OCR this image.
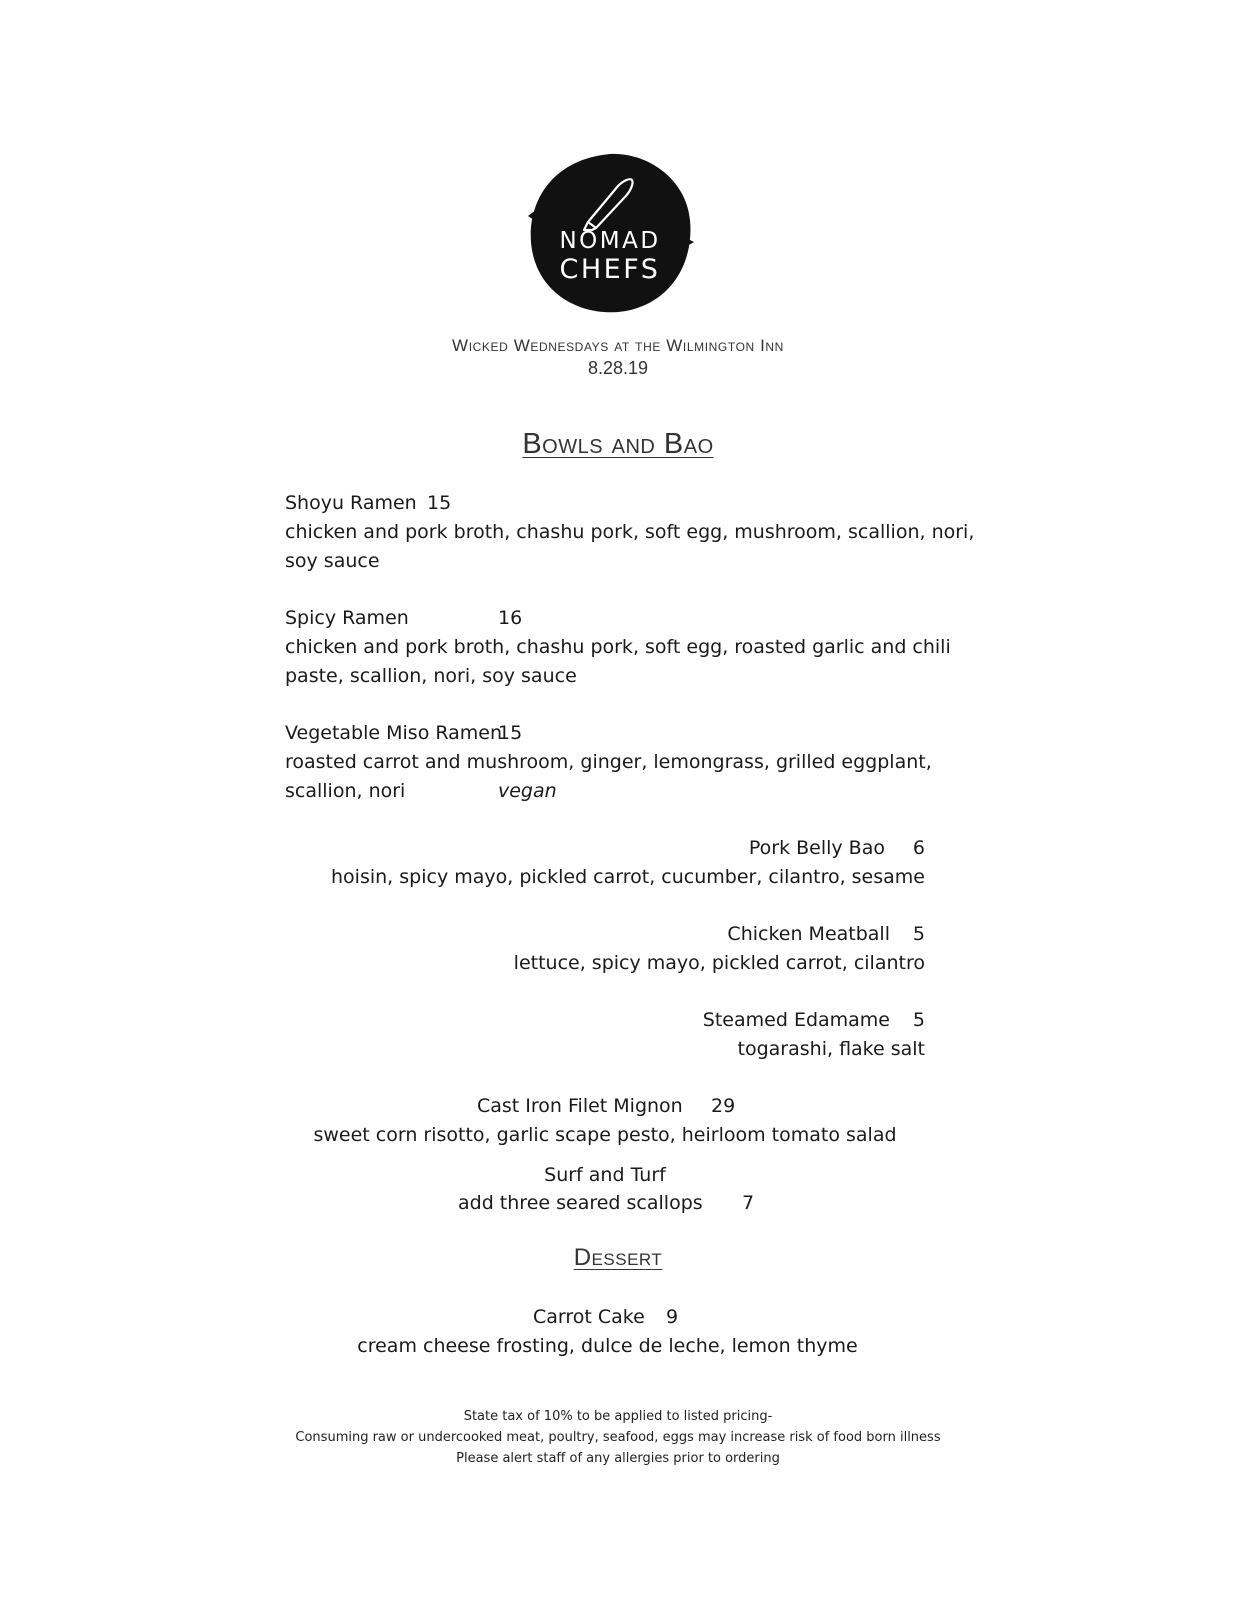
NOMAD
CHEFS
Wicked Wednesdays at the Wilmington Inn
8.28.19
Bowls and Bao
Shoyu Ramen 15
chicken and pork broth, chashu pork, soft egg, mushroom, scallion, nori,
soy sauce
Spicy Ramen	16
chicken and pork broth, chashu pork, soft egg, roasted garlic and chili
paste, scallion, nori, soy sauce
Vegetable Miso Ramen
15
roasted carrot and mushroom, ginger, lemongrass, grilled eggplant,
scallion, nori	vegan
Pork Belly Bao 6
hoisin, spicy mayo, pickled carrot, cucumber, cilantro, sesame
Chicken Meatball 5
lettuce, spicy mayo, pickled carrot, cilantro
Steamed Edamame 5
togarashi, flake salt
Cast Iron Filet Mignon 29
sweet corn risotto, garlic scape pesto, heirloom tomato salad
Surf and Turf
add three seared scallops 7
Dessert
Carrot Cake 9
cream cheese frosting, dulce de leche, lemon thyme
State tax of 10% to be applied to listed pricing-
Consuming raw or undercooked meat, poultry, seafood, eggs may increase risk of food born illness
Please alert staff of any allergies prior to ordering
